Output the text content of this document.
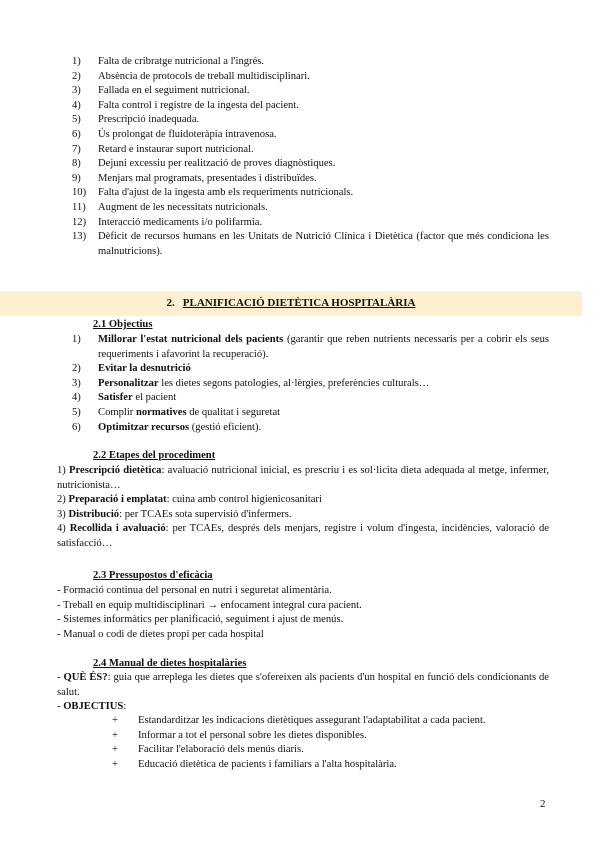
1)	Falta de cribratge nutricional a l'ingrés.
2)	Absència de protocols de treball multidisciplinari.
3)	Fallada en el seguiment nutricional.
4)	Falta control i registre de la ingesta del pacient.
5)	Prescripció inadequada.
6)	Ús prolongat de fluidoteràpia intravenosa.
7)	Retard e instaurar suport nutricional.
8)	Dejuni excessiu per realització de proves diagnòstiques.
9)	Menjars mal programats, presentades i distribuïdes.
10)	Falta d'ajust de la ingesta amb els requeriments nutricionals.
11)	Augment de les necessitats nutricionals.
12)	Interacció medicaments i/o polifarmia.
13)	Dèficit de recursos humans en les Unitats de Nutrició Clínica i Dietètica (factor que més condiciona les malnutricions).
2. PLANIFICACIÓ DIETÈTICA HOSPITALÀRIA
2.1 Objectius
1)	Millorar l'estat nutricional dels pacients (garantir que reben nutrients necessaris per a cobrir els seus requeriments i afavorint la recuperació).
2)	Evitar la desnutrició
3)	Personalitzar les dietes segons patologies, al·lèrgies, preferències culturals…
4)	Satisfer el pacient
5)	Complir normatives de qualitat i seguretat
6)	Optimitzar recursos (gestió eficient).
2.2 Etapes del procediment
1) Prescripció dietètica: avaluació nutricional inicial, es prescriu i es sol·licita dieta adequada al metge, infermer, nutricionista…
2) Preparació i emplatat: cuina amb control higienicosanitari
3) Distribució: per TCAEs sota supervisió d'infermers.
4) Recollida i avaluació: per TCAEs, després dels menjars, registre i volum d'ingesta, incidències, valoració de satisfacció…
2.3 Pressupostos d'eficàcia
- Formació contínua del personal en nutri i seguretat alimentària.
- Treball en equip multidisciplinari → enfocament integral cura pacient.
- Sistemes informàtics per planificació, seguiment i ajust de menús.
- Manual o codi de dietes propi per cada hospital
2.4 Manual de dietes hospitalàries
- QUÈ ÉS?: guia que arreplega les dietes que s'ofereixen als pacients d'un hospital en funció dels condicionants de salut.
- OBJECTIUS:
+ Estandarditzar les indicacions dietètiques assegurant l'adaptabilitat a cada pacient.
+ Informar a tot el personal sobre les dietes disponibles.
+ Facilitar l'elaboració dels menús diaris.
+ Educació dietètica de pacients i familiars a l'alta hospitalària.
2
